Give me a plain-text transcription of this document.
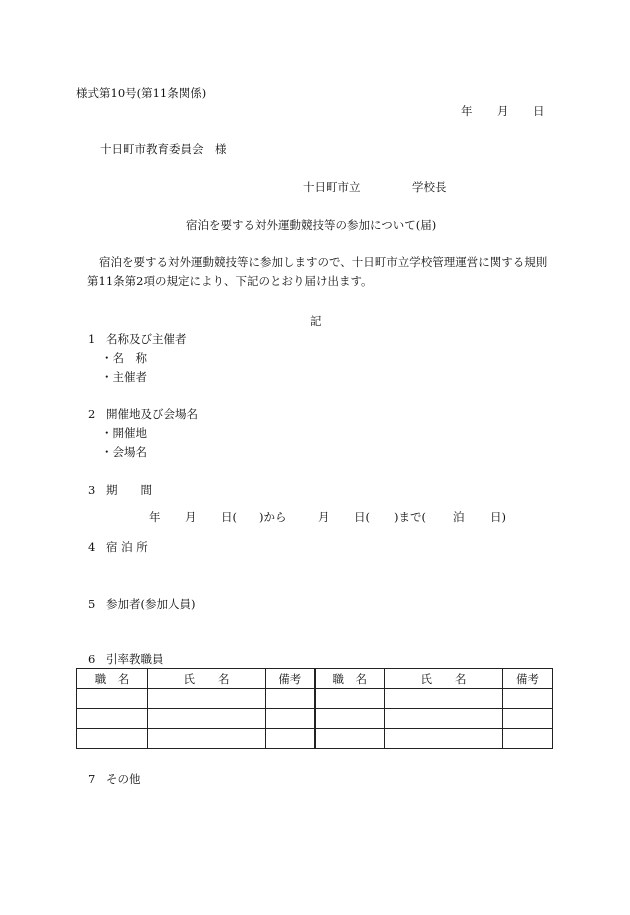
様式第10号(第11条関係)
年 月 日
十日町市教育委員会　様
十日町市立	学校長
宿泊を要する対外運動競技等の参加について(届)
宿泊を要する対外運動競技等に参加しますので、十日町市立学校管理運営に関する規則第11条第2項の規定により、下記のとおり届け出ます。
記
1 名称及び主催者
・名　称
・主催者
2 開催地及び会場名
・開催地
・会場名
3 期　　間
年 月 日( )から	月 日( )まで( 泊 日)
4 宿 泊 所
5 参加者(参加人員)
6 引率教職員
職　名	氏　　名	備考	職　名	氏　　名	備考

7 その他
